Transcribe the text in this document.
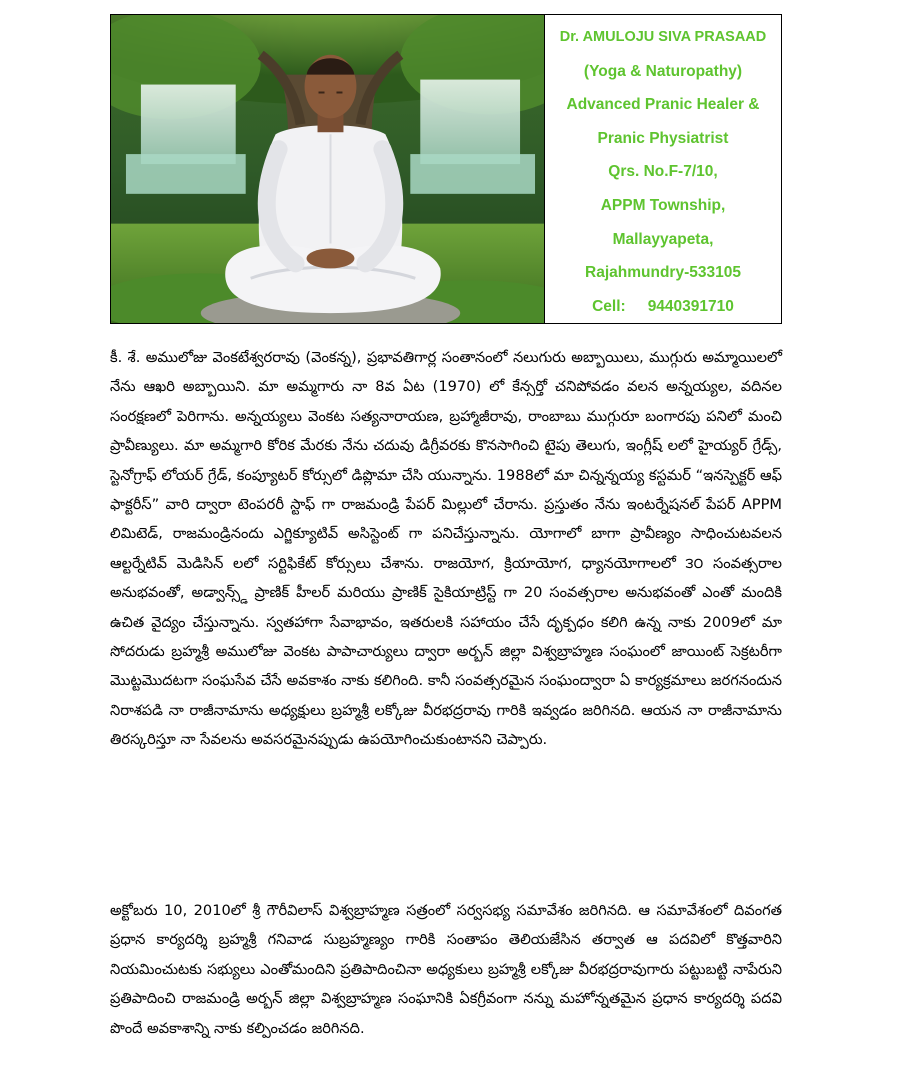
Dr. AMULOJU SIVA PRASAAD
(Yoga & Naturopathy)
Advanced Pranic Healer &
Pranic Physiatrist
Qrs. No.F-7/10,
APPM Township,
Mallayyapeta,
Rajahmundry-533105
Cell: 9440391710

కీ. శే. అములోజు వెంకటేశ్వరరావు (వెంకన్న), ప్రభావతిగార్ల సంతానంలో నలుగురు అబ్బాయిలు, ముగ్గురు అమ్మాయిలలో నేను ఆఖరి అబ్బాయిని. మా అమ్మగారు నా 8వ ఏట (1970) లో కేన్సర్తో చనిపోవడం వలన అన్నయ్యల, వదినల సంరక్షణలో పెరిగాను. అన్నయ్యలు వెంకట సత్యనారాయణ, బ్రహ్మాజీరావు, రాంబాబు ముగ్గురూ బంగారపు పనిలో మంచి ప్రావీణ్యులు. మా అమ్మగారి కోరిక మేరకు నేను చదువు డిగ్రీవరకు కొనసాగించి టైపు తెలుగు, ఇంగ్లీష్ లలో హైయ్యర్ గ్రేడ్స్, స్టెనోగ్రాఫ్ లోయర్ గ్రేడ్, కంప్యూటర్ కోర్సులో డిప్లొమా చేసి యున్నాను. 1988లో మా చిన్నన్నయ్య కస్టమర్ “ఇనస్పెక్టర్ ఆఫ్ ఫాక్టరీస్” వారి ద్వారా టెంపరరీ స్టాఫ్ గా రాజమండ్రి పేపర్ మిల్లులో చేరాను. ప్రస్తుతం నేను ఇంటర్నేషనల్ పేపర్ APPM లిమిటెడ్, రాజమండ్రినందు ఎగ్జిక్యూటివ్ అసిస్టెంట్ గా పనిచేస్తున్నాను. యోగాలో బాగా ప్రావీణ్యం సాధించుటవలన ఆల్టర్నేటివ్ మెడిసిన్ లలో సర్టిఫికేట్ కోర్సులు చేశాను. రాజయోగ, క్రియాయోగ, ధ్యానయోగాలలో ౩౦ సంవత్సరాల అనుభవంతో, అడ్వాన్స్డ్ ప్రాణిక్ హీలర్ మరియు ప్రాణిక్ సైకియాట్రిస్ట్ గా 20 సంవత్సరాల అనుభవంతో ఎంతో మందికి ఉచిత వైద్యం చేస్తున్నాను. స్వతహాగా సేవాభావం, ఇతరులకి సహాయం చేసే దృక్పధం కలిగి ఉన్న నాకు 2009లో మా సోదరుడు బ్రహ్మశ్రీ అములోజు వెంకట పాపాచార్యులు ద్వారా అర్బన్ జిల్లా విశ్వబ్రాహ్మణ సంఘంలో జాయింట్ సెక్రటరీగా మొట్టమొదటగా సంఘసేవ చేసే అవకాశం నాకు కలిగింది. కానీ సంవత్సరమైన సంఘంద్వారా ఏ కార్యక్రమాలు జరగనందున నిరాశపడి నా రాజీనామాను అధ్యక్షులు బ్రహ్మశ్రీ లక్కోజు వీరభద్రరావు గారికి ఇవ్వడం జరిగినది. ఆయన నా రాజీనామాను తిరస్కరిస్తూ నా సేవలను అవసరమైనప్పుడు ఉపయోగించుకుంటానని చెప్పారు.

అక్టోబరు 10, 2010లో శ్రీ గౌరీవిలాస్ విశ్వబ్రాహ్మణ సత్రంలో సర్వసభ్య సమావేశం జరిగినది. ఆ సమావేశంలో దివంగత ప్రధాన కార్యదర్శి బ్రహ్మశ్రీ గనివాడ సుబ్రహ్మణ్యం గారికి సంతాపం తెలియజేసిన తర్వాత ఆ పదవిలో కొత్తవారిని నియమించుటకు సభ్యులు ఎంతోమందిని ప్రతిపాదించినా అధ్యకులు బ్రహ్మశ్రీ లక్కోజు వీరభద్రరావుగారు పట్టుబట్టి నాపేరుని ప్రతిపాదించి రాజమండ్రి అర్బన్ జిల్లా విశ్వబ్రాహ్మణ సంఘానికి ఏకగ్రీవంగా నన్ను మహోన్నతమైన ప్రధాన కార్యదర్శి పదవి పొందే అవకాశాన్ని నాకు కల్పించడం జరిగినది.
